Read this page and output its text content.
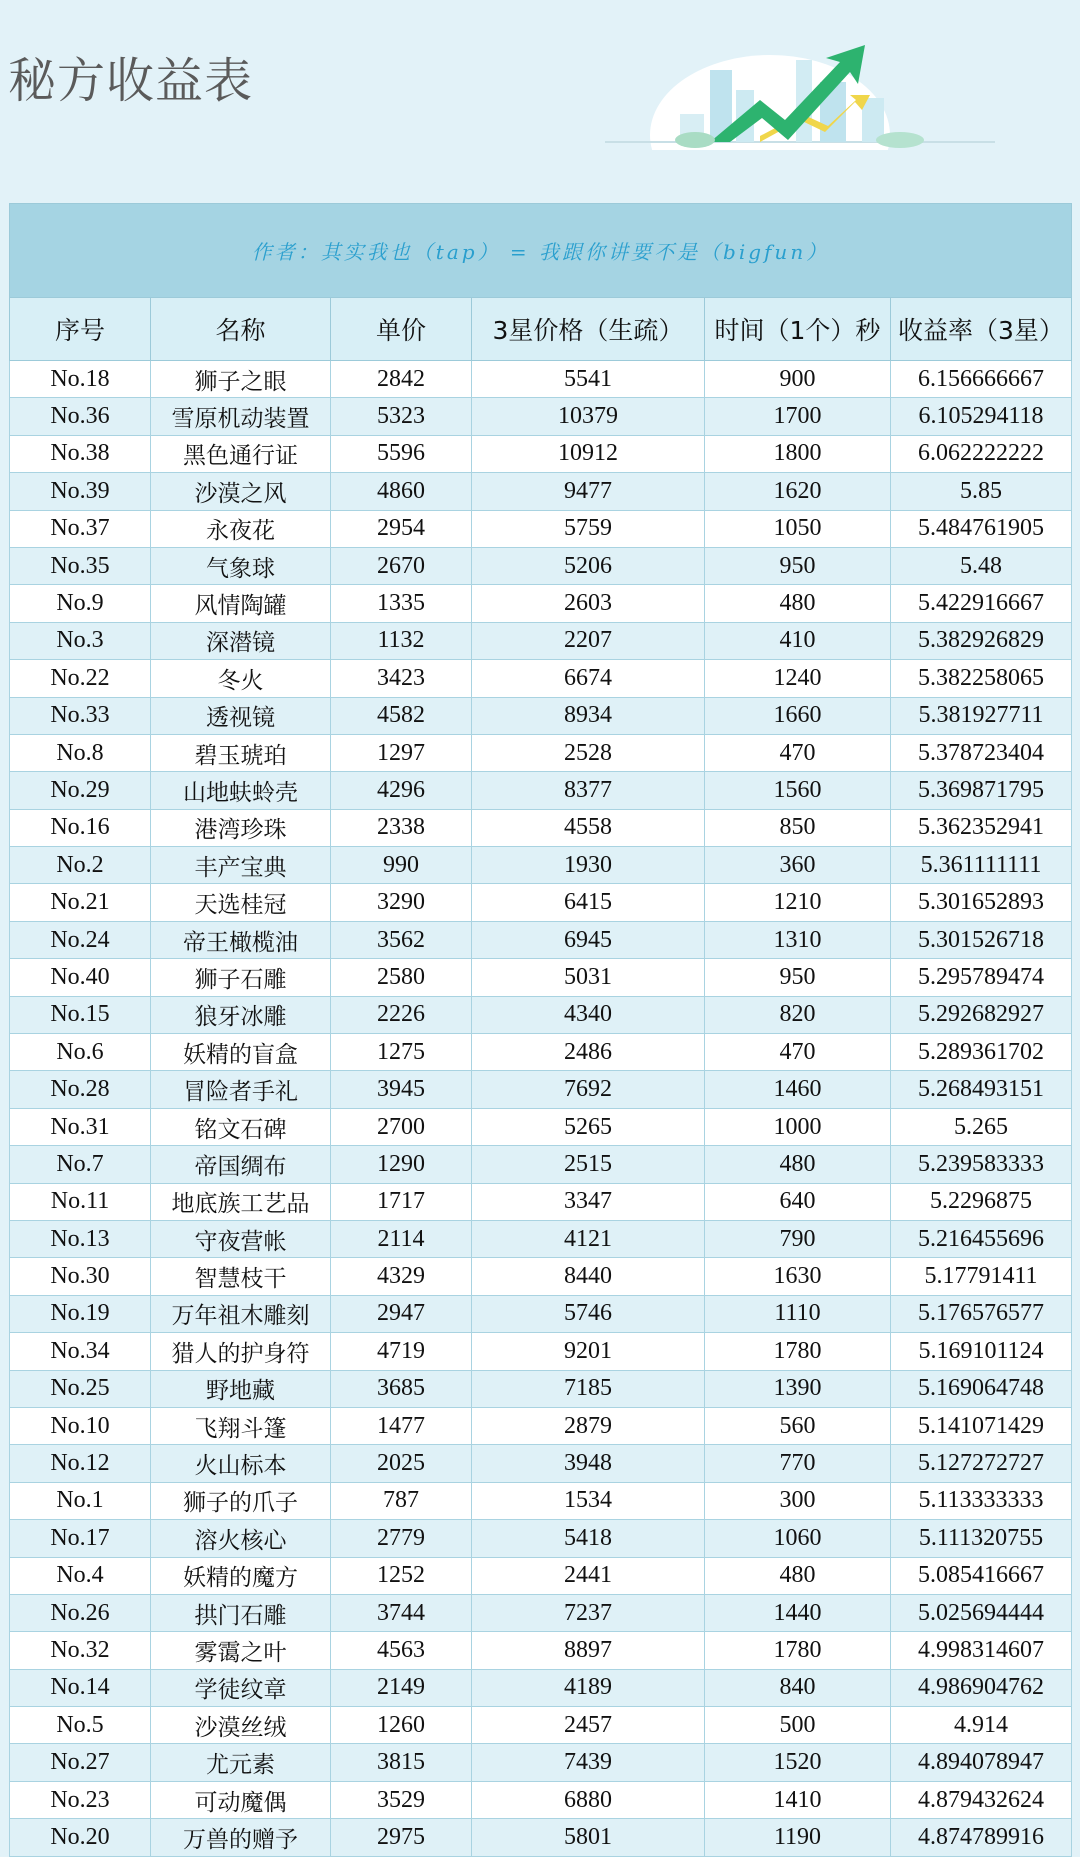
秘方收益表
作者：其实我也（tap） = 我跟你讲要不是（bigfun）					
序号	名称	单价	3星价格（生疏）	时间（1个）秒	收益率（3星）
No.18	狮子之眼	2842	5541	900	6.156666667
No.36	雪原机动装置	5323	10379	1700	6.105294118
No.38	黑色通行证	5596	10912	1800	6.062222222
No.39	沙漠之风	4860	9477	1620	5.85
No.37	永夜花	2954	5759	1050	5.484761905
No.35	气象球	2670	5206	950	5.48
No.9	风情陶罐	1335	2603	480	5.422916667
No.3	深潜镜	1132	2207	410	5.382926829
No.22	冬火	3423	6674	1240	5.382258065
No.33	透视镜	4582	8934	1660	5.381927711
No.8	碧玉琥珀	1297	2528	470	5.378723404
No.29	山地蚨蛉壳	4296	8377	1560	5.369871795
No.16	港湾珍珠	2338	4558	850	5.362352941
No.2	丰产宝典	990	1930	360	5.361111111
No.21	天选桂冠	3290	6415	1210	5.301652893
No.24	帝王橄榄油	3562	6945	1310	5.301526718
No.40	狮子石雕	2580	5031	950	5.295789474
No.15	狼牙冰雕	2226	4340	820	5.292682927
No.6	妖精的盲盒	1275	2486	470	5.289361702
No.28	冒险者手礼	3945	7692	1460	5.268493151
No.31	铭文石碑	2700	5265	1000	5.265
No.7	帝国绸布	1290	2515	480	5.239583333
No.11	地底族工艺品	1717	3347	640	5.2296875
No.13	守夜营帐	2114	4121	790	5.216455696
No.30	智慧枝干	4329	8440	1630	5.17791411
No.19	万年祖木雕刻	2947	5746	1110	5.176576577
No.34	猎人的护身符	4719	9201	1780	5.169101124
No.25	野地藏	3685	7185	1390	5.169064748
No.10	飞翔斗篷	1477	2879	560	5.141071429
No.12	火山标本	2025	3948	770	5.127272727
No.1	狮子的爪子	787	1534	300	5.113333333
No.17	溶火核心	2779	5418	1060	5.111320755
No.4	妖精的魔方	1252	2441	480	5.085416667
No.26	拱门石雕	3744	7237	1440	5.025694444
No.32	雾霭之叶	4563	8897	1780	4.998314607
No.14	学徒纹章	2149	4189	840	4.986904762
No.5	沙漠丝绒	1260	2457	500	4.914
No.27	尤元素	3815	7439	1520	4.894078947
No.23	可动魔偶	3529	6880	1410	4.879432624
No.20	万兽的赠予	2975	5801	1190	4.874789916
